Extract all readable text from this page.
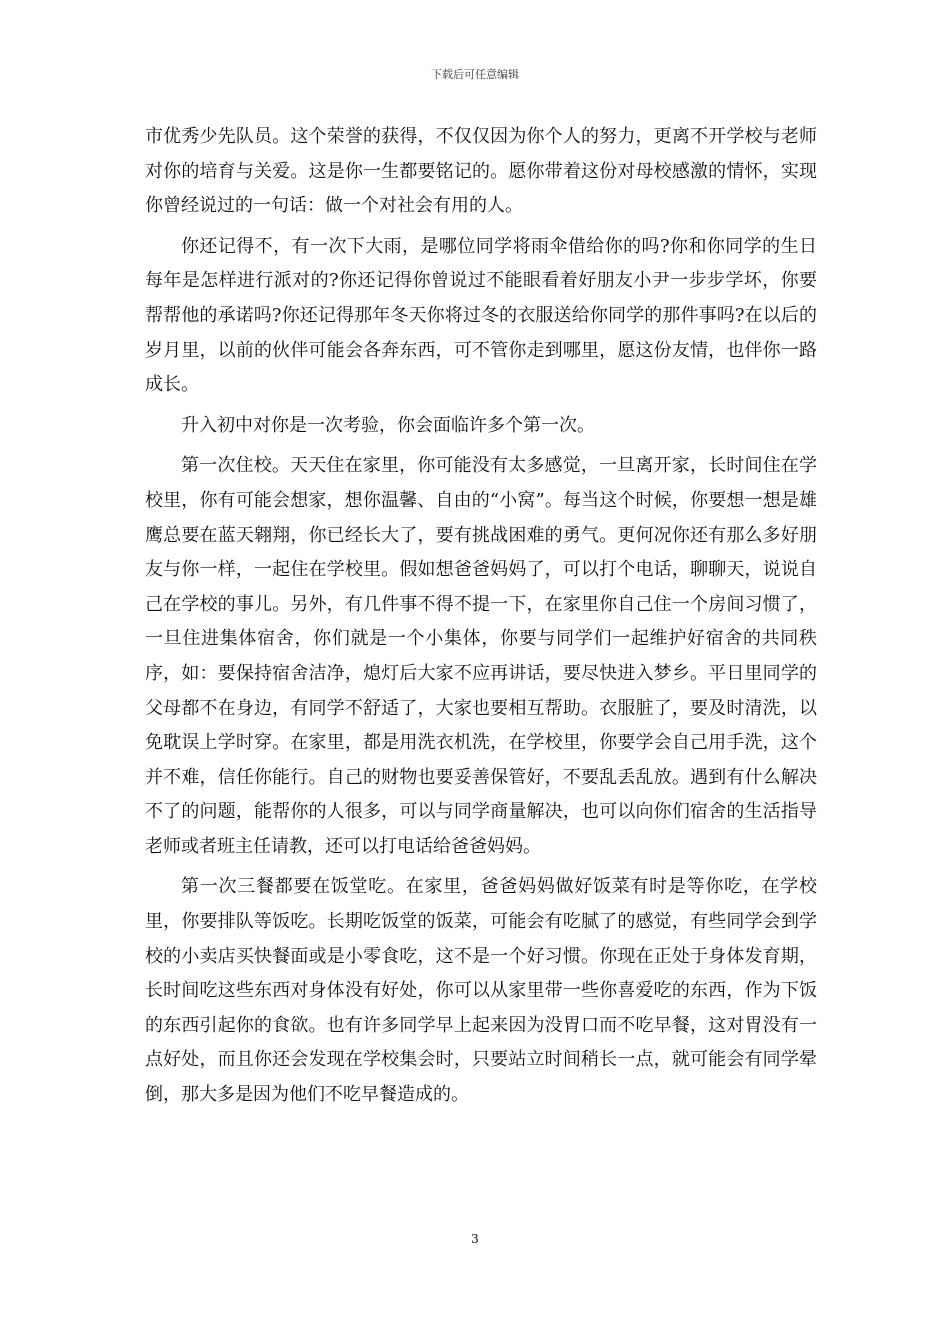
下载后可任意编辑

市优秀少先队员。这个荣誉的获得，不仅仅因为你个人的努力，更离不开学校与老师对你的培育与关爱。这是你一生都要铭记的。愿你带着这份对母校感激的情怀，实现你曾经说过的一句话：做一个对社会有用的人。

你还记得不，有一次下大雨，是哪位同学将雨伞借给你的吗?你和你同学的生日每年是怎样进行派对的?你还记得你曾说过不能眼看着好朋友小尹一步步学坏，你要帮帮他的承诺吗?你还记得那年冬天你将过冬的衣服送给你同学的那件事吗?在以后的岁月里，以前的伙伴可能会各奔东西，可不管你走到哪里，愿这份友情，也伴你一路成长。

升入初中对你是一次考验，你会面临许多个第一次。

第一次住校。天天住在家里，你可能没有太多感觉，一旦离开家，长时间住在学校里，你有可能会想家，想你温馨、自由的“小窝”。每当这个时候，你要想一想是雄鹰总要在蓝天翱翔，你已经长大了，要有挑战困难的勇气。更何况你还有那么多好朋友与你一样，一起住在学校里。假如想爸爸妈妈了，可以打个电话，聊聊天，说说自己在学校的事儿。另外，有几件事不得不提一下，在家里你自己住一个房间习惯了，一旦住进集体宿舍，你们就是一个小集体，你要与同学们一起维护好宿舍的共同秩序，如：要保持宿舍洁净，熄灯后大家不应再讲话，要尽快进入梦乡。平日里同学的父母都不在身边，有同学不舒适了，大家也要相互帮助。衣服脏了，要及时清洗，以免耽误上学时穿。在家里，都是用洗衣机洗，在学校里，你要学会自己用手洗，这个并不难，信任你能行。自己的财物也要妥善保管好，不要乱丢乱放。遇到有什么解决不了的问题，能帮你的人很多，可以与同学商量解决，也可以向你们宿舍的生活指导老师或者班主任请教，还可以打电话给爸爸妈妈。

第一次三餐都要在饭堂吃。在家里，爸爸妈妈做好饭菜有时是等你吃，在学校里，你要排队等饭吃。长期吃饭堂的饭菜，可能会有吃腻了的感觉，有些同学会到学校的小卖店买快餐面或是小零食吃，这不是一个好习惯。你现在正处于身体发育期，长时间吃这些东西对身体没有好处，你可以从家里带一些你喜爱吃的东西，作为下饭的东西引起你的食欲。也有许多同学早上起来因为没胃口而不吃早餐，这对胃没有一点好处，而且你还会发现在学校集会时，只要站立时间稍长一点，就可能会有同学晕倒，那大多是因为他们不吃早餐造成的。

3
